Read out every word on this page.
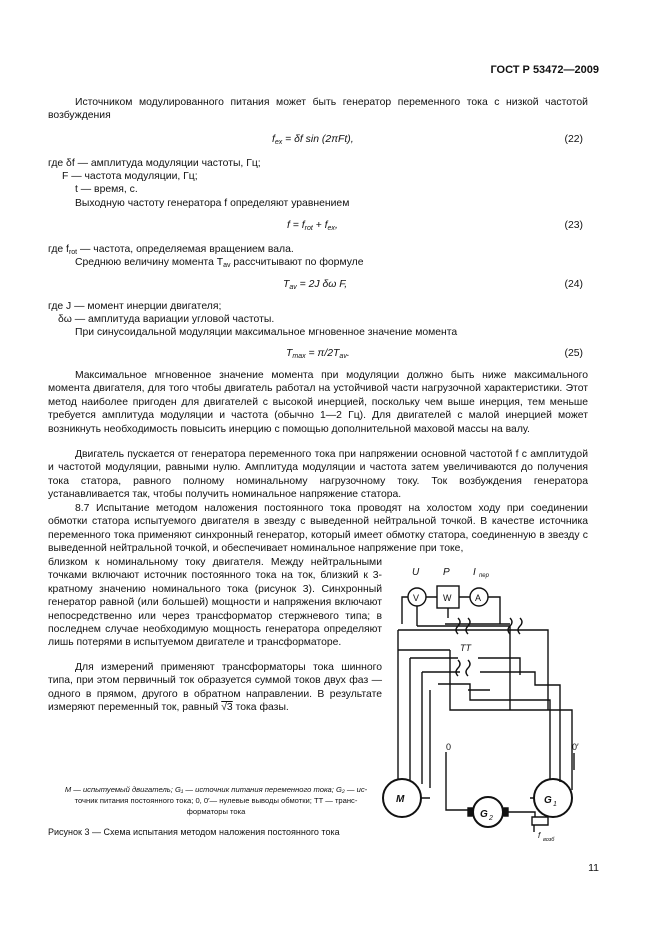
ГОСТ Р 53472—2009
Источником модулированного питания может быть генератор переменного тока с низкой частотой возбуждения
$f_{ex} = \delta f$ sin (2πFt),	(22)
где δf — амплитуда модуляции частоты, Гц;
F — частота модуляции, Гц;
t — время, с.
Выходную частоту генератора f определяют уравнением
$f = f_{rot} + f_{ex}$,	(23)
где $f_{rot}$ — частота, определяемая вращением вала.
Среднюю величину момента $T_{av}$ рассчитывают по формуле
$T_{av} = 2J$ δω F,	(24)
где J — момент инерции двигателя;
δω — амплитуда вариации угловой частоты.
При синусоидальной модуляции максимальное мгновенное значение момента
$T_{max} = \pi/2T_{av}$.	(25)
Максимальное мгновенное значение момента при модуляции должно быть ниже максимального момента двигателя, для того чтобы двигатель работал на устойчивой части нагрузочной характеристики. Этот метод наиболее пригоден для двигателей с высокой инерцией, поскольку чем выше инерция, тем меньше требуется амплитуда модуляции и частота (обычно 1—2 Гц). Для двигателей с малой инерцией может возникнуть необходимость повысить инерцию с помощью дополнительной маховой массы на валу.
Двигатель пускается от генератора переменного тока при напряжении основной частотой f с амплитудой и частотой модуляции, равными нулю. Амплитуда модуляции и частота затем увеличиваются до получения тока статора, равного полному номинальному нагрузочному току. Ток возбуждения генератора устанавливается так, чтобы получить номинальное напряжение статора.
8.7 Испытание методом наложения постоянного тока проводят на холостом ходу при соединении обмотки статора испытуемого двигателя в звезду с выведенной нейтральной точкой. В качестве источника переменного тока применяют синхронный генератор, который имеет обмотку статора, соединенную в звезду с выведенной нейтральной точкой, и обеспечивает номинальное напряжение при токе,
близком к номинальному току двигателя. Между нейтральными точками включают источник постоянного тока на ток, близкий к 3-кратному значению номинального тока (рисунок 3). Синхронный генератор равной (или большей) мощности и напряжения включают непосредственно или через трансформатор стержневого типа; в последнем случае необходимую мощность генератора определяют лишь потерями в испытуемом двигателе и трансформаторе.
Для измерений применяют трансформаторы тока шинного типа, при этом первичный ток образуется суммой токов двух фаз — одного в прямом, другого в обратном направлении. В результате измеряют переменный ток, равный √3 тока фазы.
M — испытуемый двигатель; G₁ — источник питания переменного тока; G₂ — ис-
точник питания постоянного тока; 0, 0′— нулевые выводы обмотки; TT — транс-
форматоры тока
Рисунок 3 — Схема испытания методом наложения постоянного тока
U P I пер
V	W	A
TT
0	0′
M	G 1
G 2
f возб
11
